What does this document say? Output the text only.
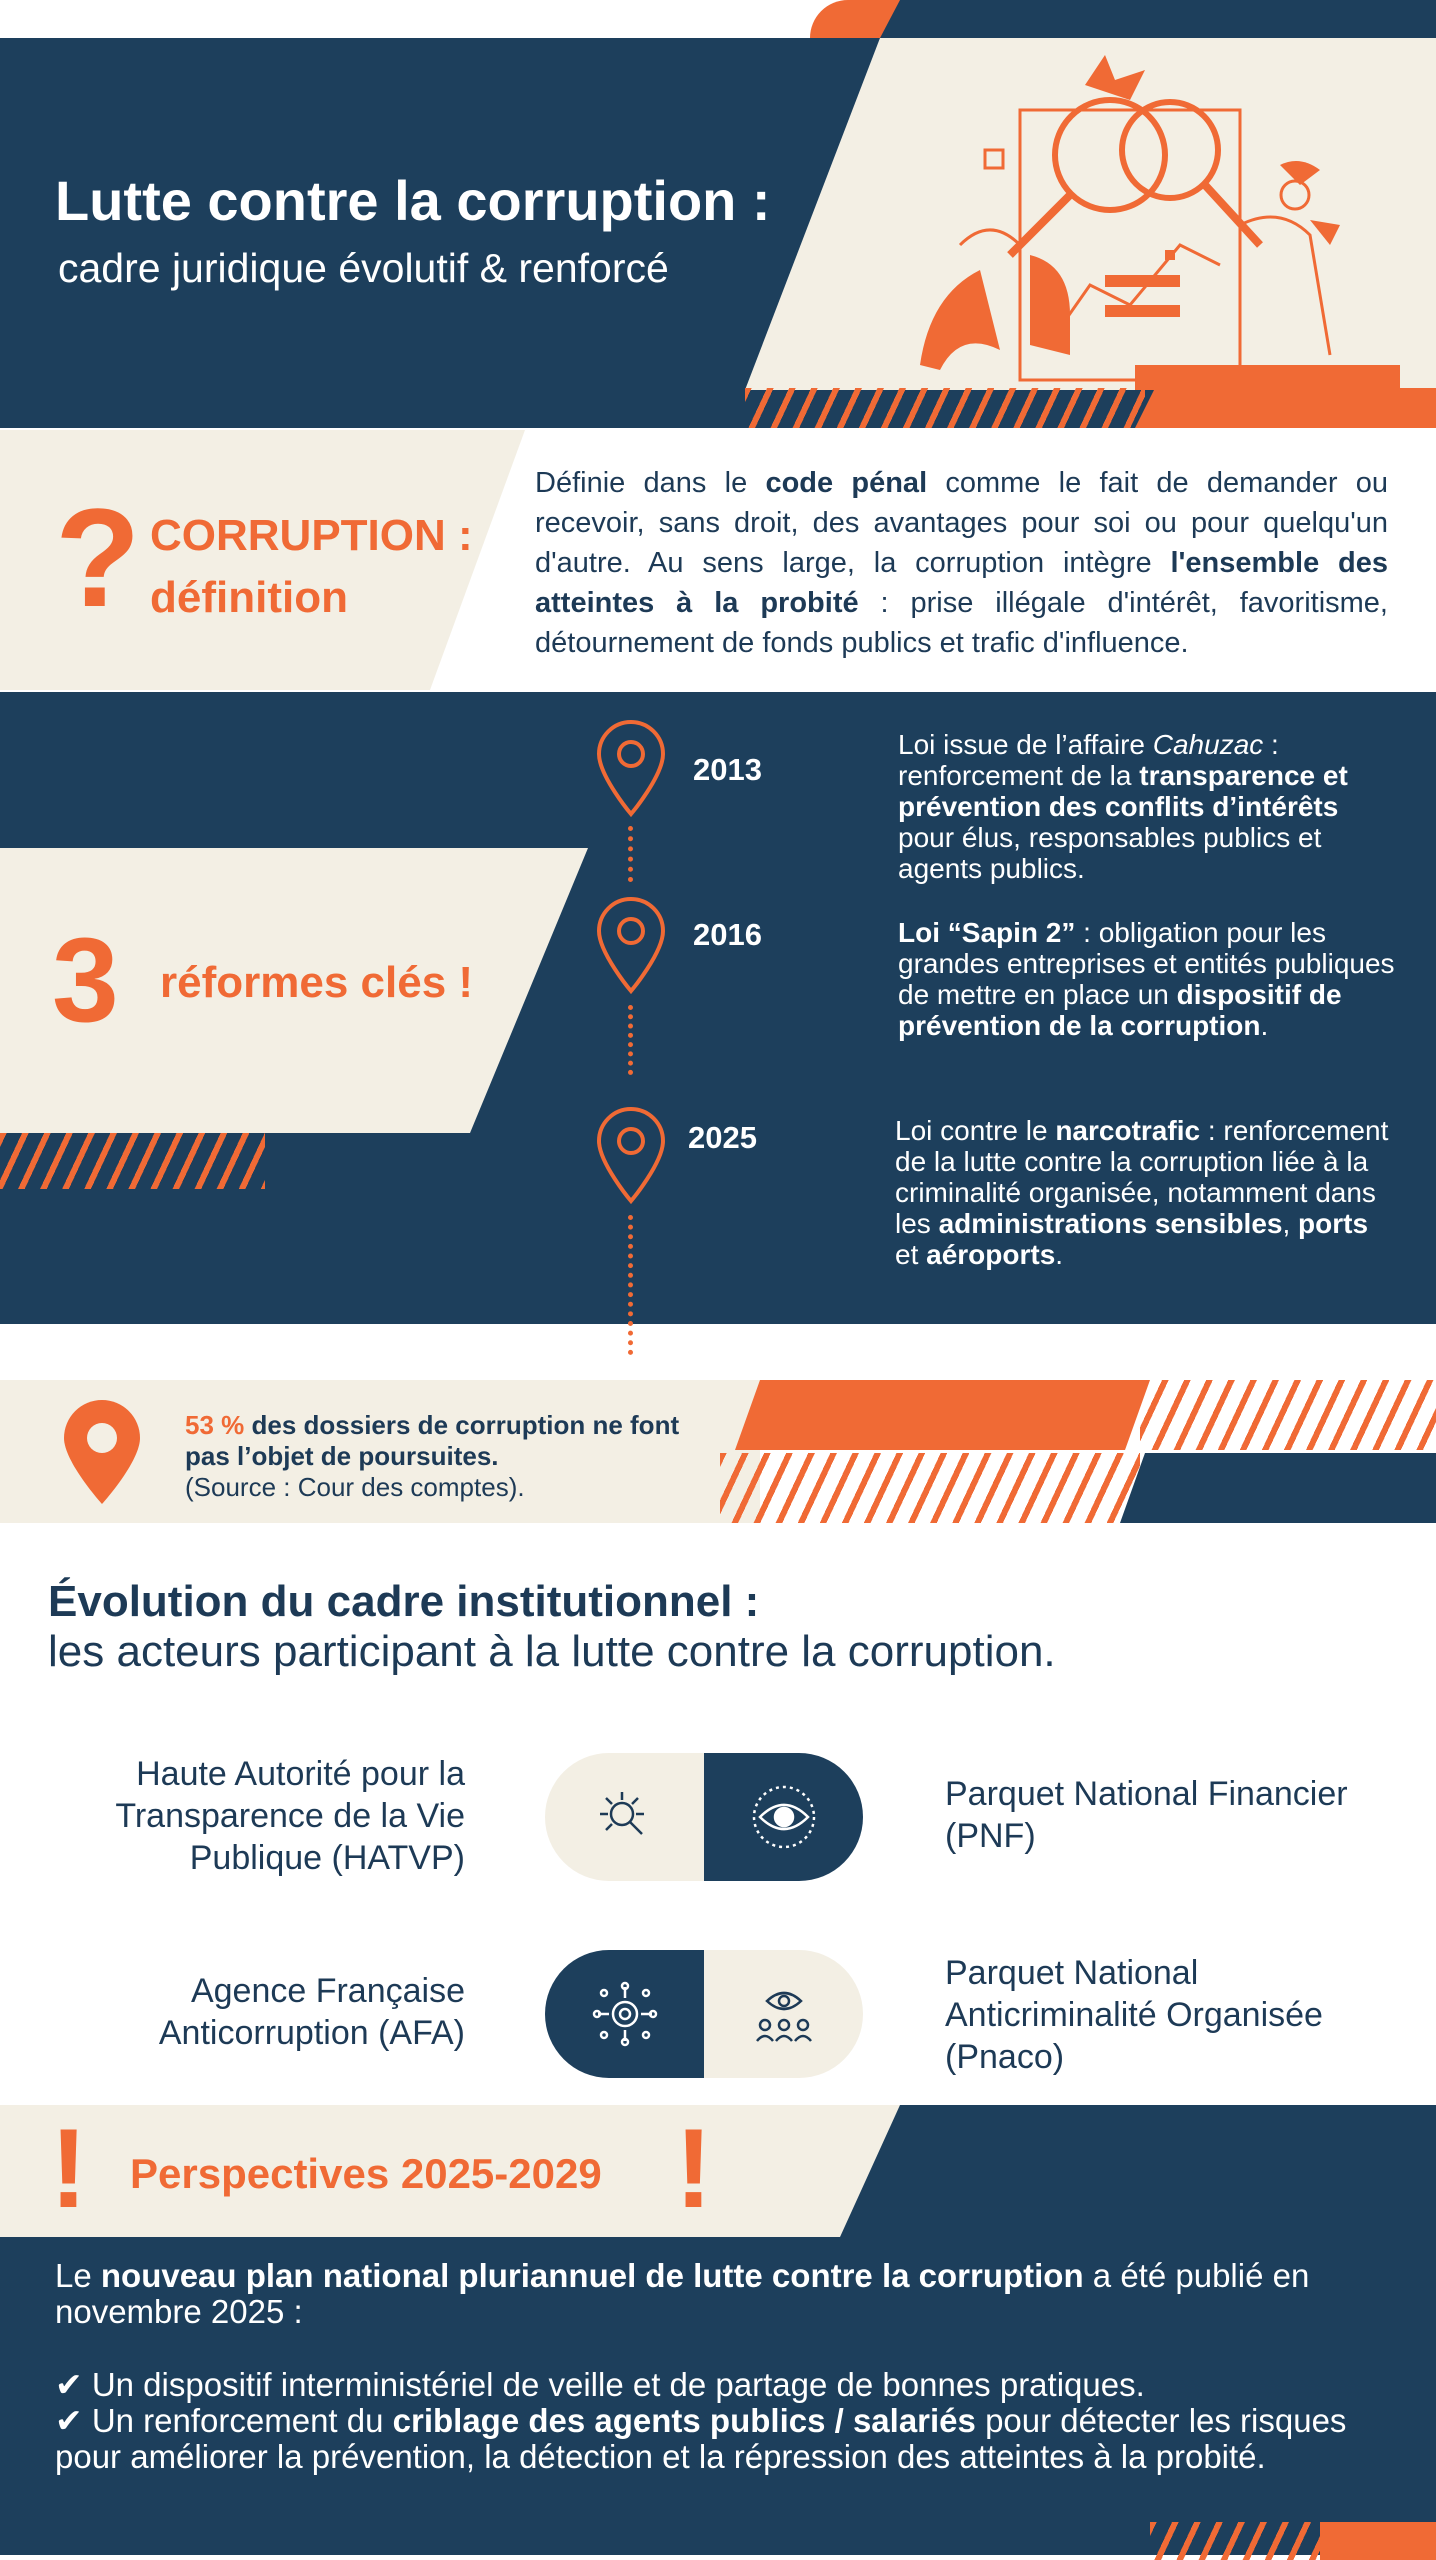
Lutte contre la corruption :
cadre juridique évolutif & renforcé
? CORRUPTION :
définition
Définie dans le code pénal comme le fait de demander ou recevoir, sans droit, des avantages pour soi ou pour quelqu'un d'autre. Au sens large, la corruption intègre l'ensemble des atteintes à la probité : prise illégale d'intérêt, favoritisme, détournement de fonds publics et trafic d'influence.
3 réformes clés !
2013
2016
2025
Loi issue de l’affaire Cahuzac : renforcement de la transparence et prévention des conflits d’intérêts pour élus, responsables publics et agents publics.
Loi “Sapin 2” : obligation pour les grandes entreprises et entités publiques de mettre en place un dispositif de prévention de la corruption.
Loi contre le narcotrafic : renforcement de la lutte contre la corruption liée à la criminalité organisée, notamment dans les administrations sensibles, ports et aéroports.
53 % des dossiers de corruption ne font pas l’objet de poursuites.
(Source : Cour des comptes).
Évolution du cadre institutionnel :
les acteurs participant à la lutte contre la corruption.
Haute Autorité pour la Transparence de la Vie Publique (HATVP)
Parquet National Financier (PNF)
Agence Française Anticorruption (AFA)
Parquet National Anticriminalité Organisée (Pnaco)
! Perspectives 2025-2029 !
Le nouveau plan national pluriannuel de lutte contre la corruption a été publié en novembre 2025 :
✔ Un dispositif interministériel de veille et de partage de bonnes pratiques.
✔ Un renforcement du criblage des agents publics / salariés pour détecter les risques pour améliorer la prévention, la détection et la répression des atteintes à la probité.
